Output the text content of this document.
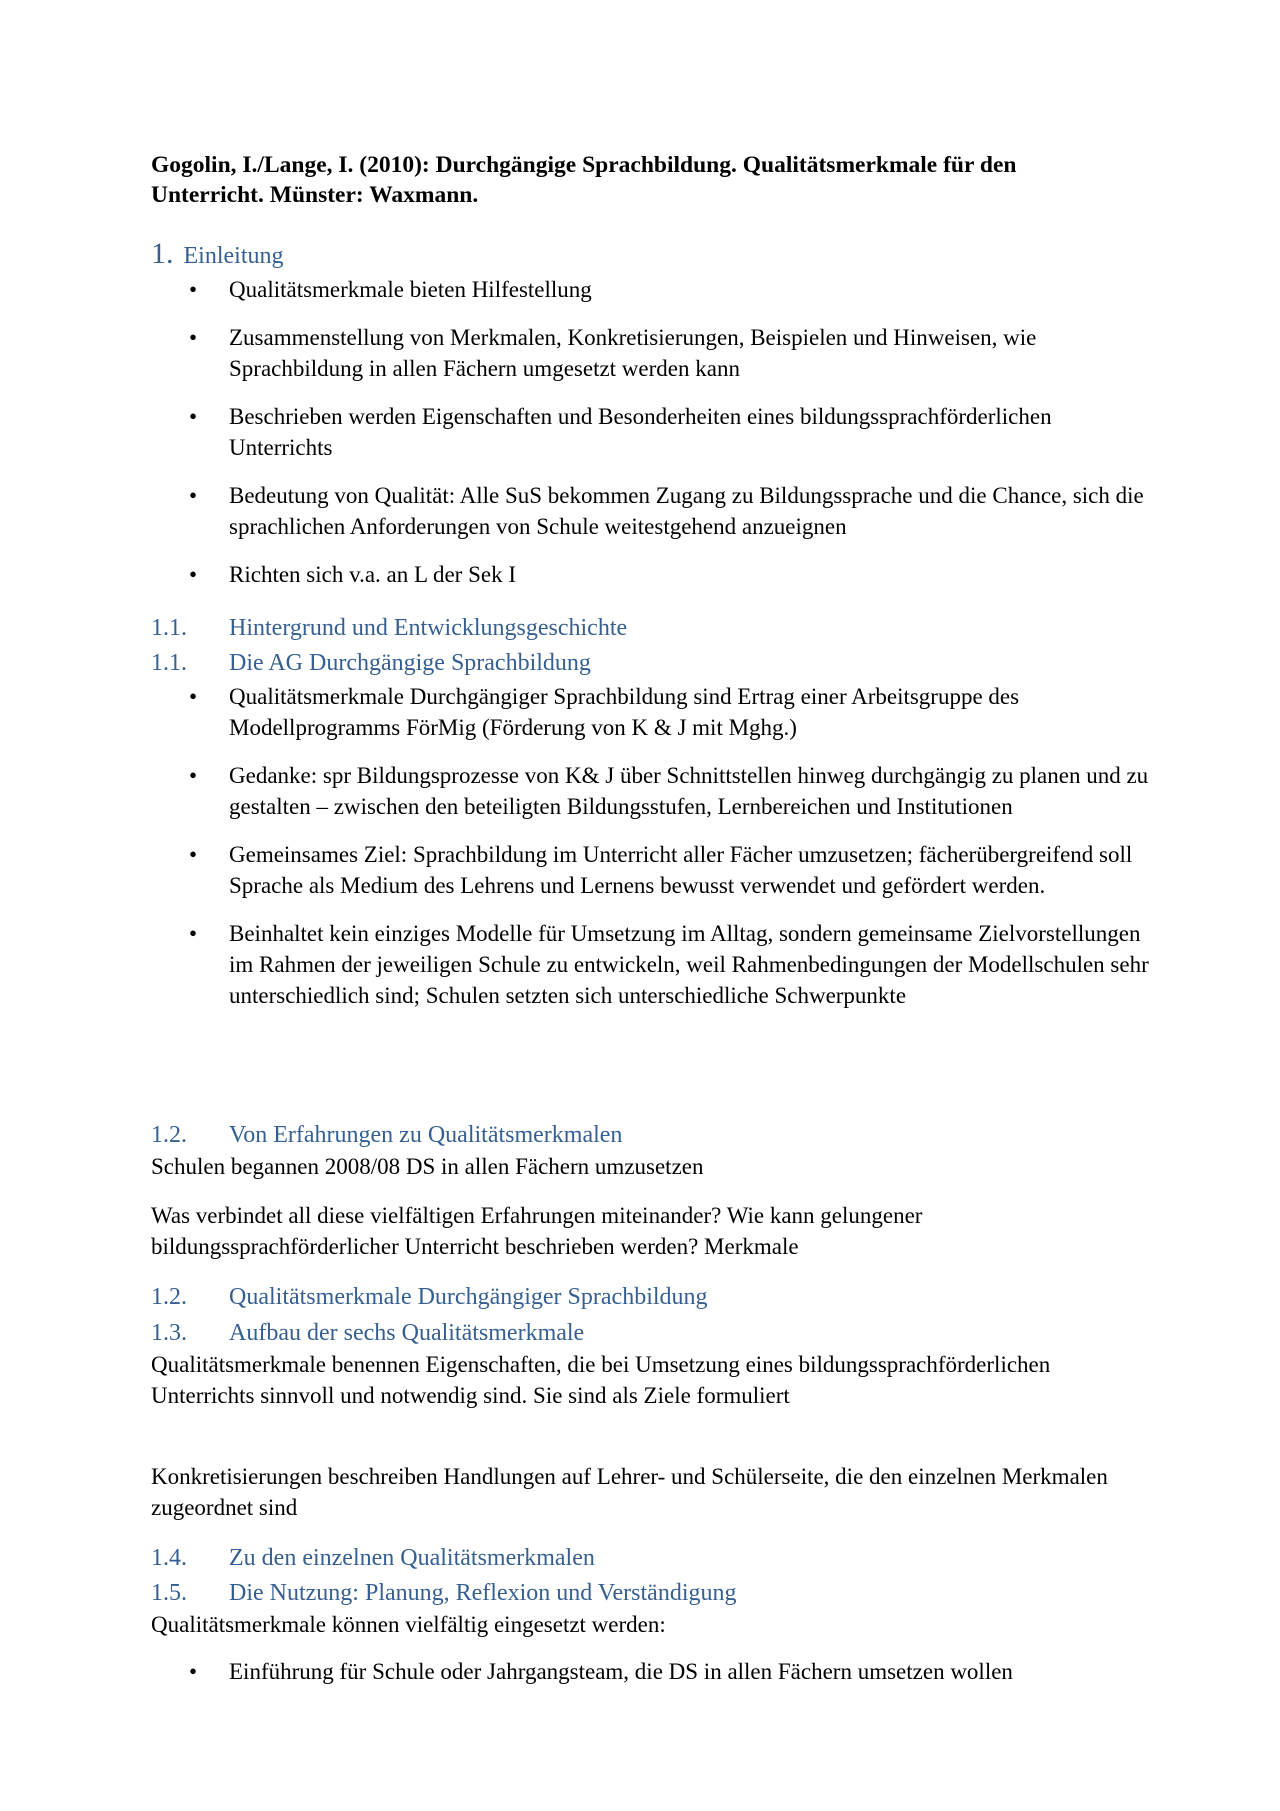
Gogolin, I./Lange, I. (2010): Durchgängige Sprachbildung. Qualitätsmerkmale für den Unterricht. Münster: Waxmann.

1. Einleitung
• Qualitätsmerkmale bieten Hilfestellung
• Zusammenstellung von Merkmalen, Konkretisierungen, Beispielen und Hinweisen, wie Sprachbildung in allen Fächern umgesetzt werden kann
• Beschrieben werden Eigenschaften und Besonderheiten eines bildungssprachförderlichen Unterrichts
• Bedeutung von Qualität: Alle SuS bekommen Zugang zu Bildungssprache und die Chance, sich die sprachlichen Anforderungen von Schule weitestgehend anzueignen
• Richten sich v.a. an L der Sek I
1.1. Hintergrund und Entwicklungsgeschichte
1.1. Die AG Durchgängige Sprachbildung
• Qualitätsmerkmale Durchgängiger Sprachbildung sind Ertrag einer Arbeitsgruppe des Modellprogramms FörMig (Förderung von K & J mit Mghg.)
• Gedanke: spr Bildungsprozesse von K& J über Schnittstellen hinweg durchgängig zu planen und zu gestalten – zwischen den beteiligten Bildungsstufen, Lernbereichen und Institutionen
• Gemeinsames Ziel: Sprachbildung im Unterricht aller Fächer umzusetzen; fächerübergreifend soll Sprache als Medium des Lehrens und Lernens bewusst verwendet und gefördert werden.
• Beinhaltet kein einziges Modelle für Umsetzung im Alltag, sondern gemeinsame Zielvorstellungen im Rahmen der jeweiligen Schule zu entwickeln, weil Rahmenbedingungen der Modellschulen sehr unterschiedlich sind; Schulen setzten sich unterschiedliche Schwerpunkte
1.2. Von Erfahrungen zu Qualitätsmerkmalen

Schulen begannen 2008/08 DS in allen Fächern umzusetzen

Was verbindet all diese vielfältigen Erfahrungen miteinander? Wie kann gelungener bildungssprachförderlicher Unterricht beschrieben werden? Merkmale

1.2. Qualitätsmerkmale Durchgängiger Sprachbildung
1.3. Aufbau der sechs Qualitätsmerkmale

Qualitätsmerkmale benennen Eigenschaften, die bei Umsetzung eines bildungssprachförderlichen Unterrichts sinnvoll und notwendig sind. Sie sind als Ziele formuliert

Konkretisierungen beschreiben Handlungen auf Lehrer- und Schülerseite, die den einzelnen Merkmalen zugeordnet sind

1.4. Zu den einzelnen Qualitätsmerkmalen
1.5. Die Nutzung: Planung, Reflexion und Verständigung

Qualitätsmerkmale können vielfältig eingesetzt werden:

• Einführung für Schule oder Jahrgangsteam, die DS in allen Fächern umsetzen wollen
